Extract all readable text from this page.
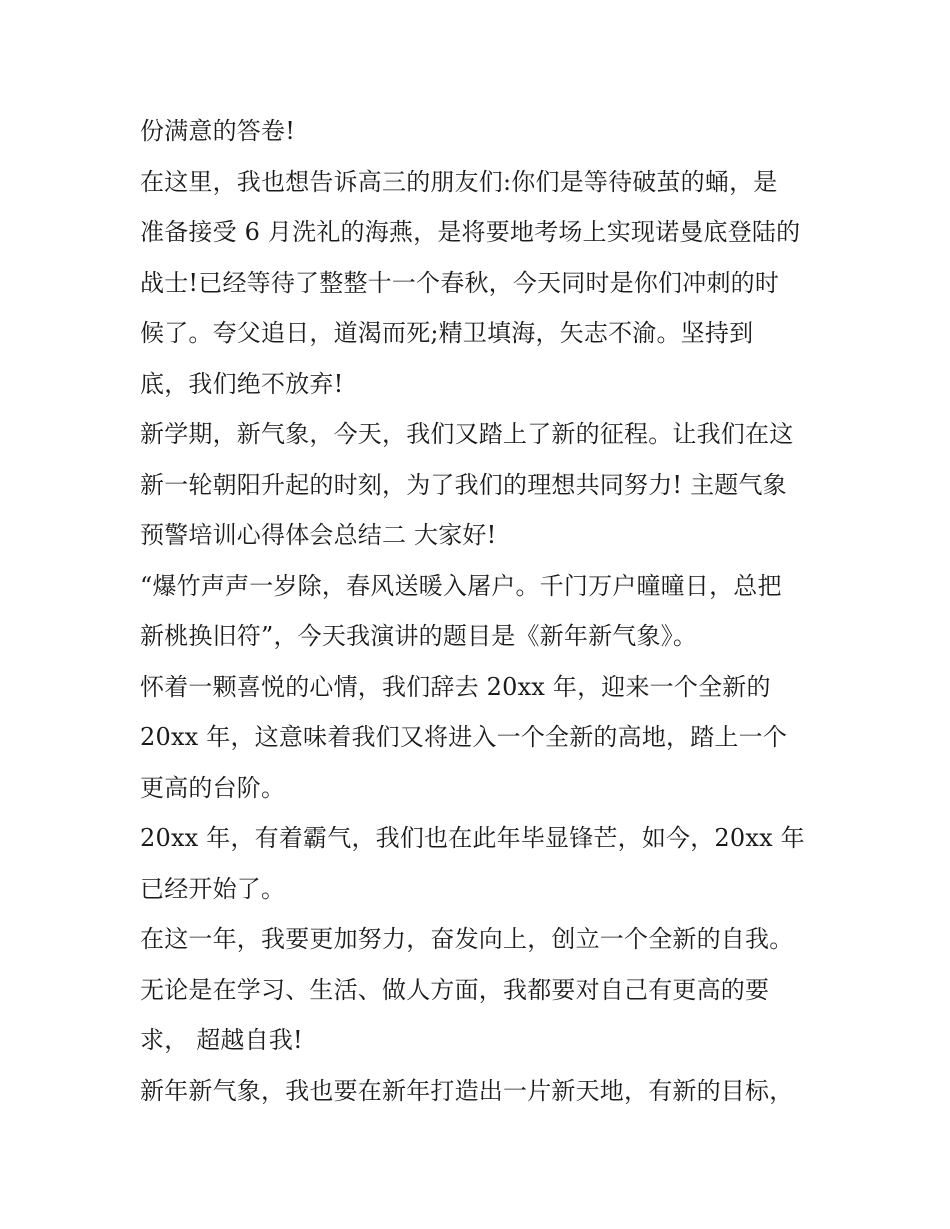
份满意的答卷!
在这里，我也想告诉高三的朋友们:你们是等待破茧的蛹，是
准备接受 6 月洗礼的海燕，是将要地考场上实现诺曼底登陆的
战士!已经等待了整整十一个春秋，今天同时是你们冲刺的时
候了。夸父追日，道渴而死;精卫填海，矢志不渝。坚持到
底，我们绝不放弃!
新学期，新气象，今天，我们又踏上了新的征程。让我们在这
新一轮朝阳升起的时刻，为了我们的理想共同努力! 主题气象
预警培训心得体会总结二 大家好!
“爆竹声声一岁除，春风送暖入屠户。千门万户曈曈日，总把
新桃换旧符”，今天我演讲的题目是《新年新气象》。
怀着一颗喜悦的心情，我们辞去 20xx 年，迎来一个全新的
20xx 年，这意味着我们又将进入一个全新的高地，踏上一个
更高的台阶。
20xx 年，有着霸气，我们也在此年毕显锋芒，如今，20xx 年
已经开始了。
在这一年，我要更加努力，奋发向上，创立一个全新的自我。
无论是在学习、生活、做人方面，我都要对自己有更高的要
求， 超越自我!
新年新气象，我也要在新年打造出一片新天地，有新的目标，
